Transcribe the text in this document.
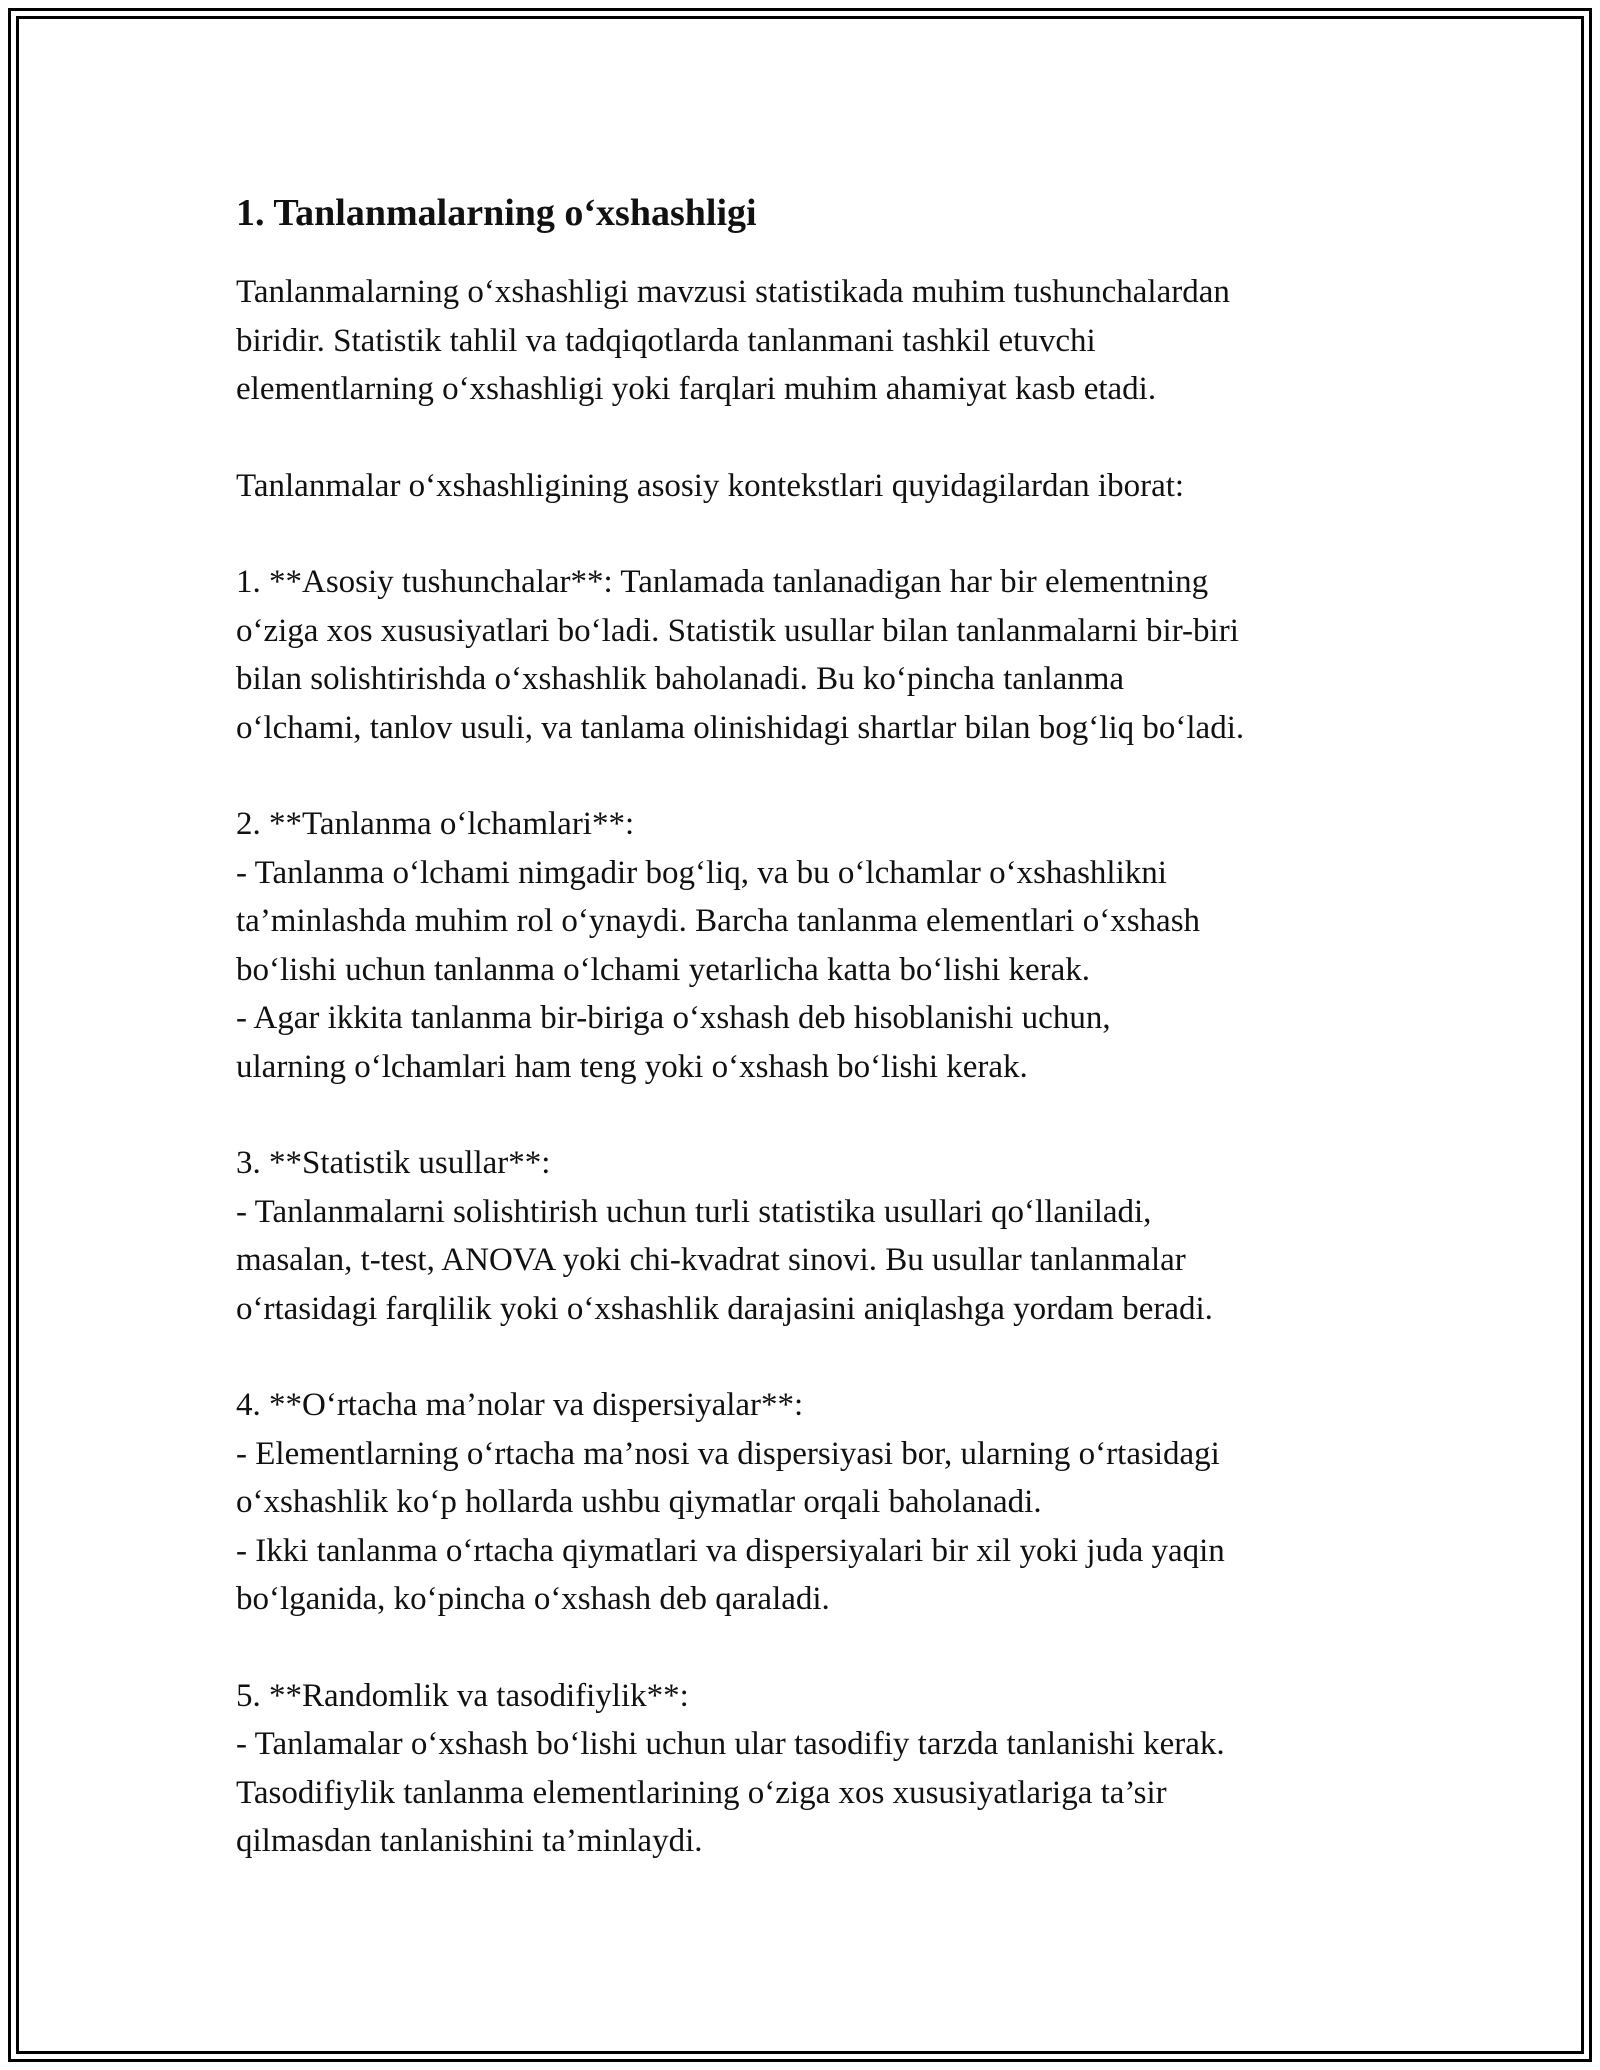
1. Tanlanmalarning o‘xshashligi

Tanlanmalarning o‘xshashligi mavzusi statistikada muhim tushunchalardan
biridir. Statistik tahlil va tadqiqotlarda tanlanmani tashkil etuvchi
elementlarning o‘xshashligi yoki farqlari muhim ahamiyat kasb etadi.

Tanlanmalar o‘xshashligining asosiy kontekstlari quyidagilardan iborat:

1. **Asosiy tushunchalar**: Tanlamada tanlanadigan har bir elementning
o‘ziga xos xususiyatlari bo‘ladi. Statistik usullar bilan tanlanmalarni bir-biri
bilan solishtirishda o‘xshashlik baholanadi. Bu ko‘pincha tanlanma
o‘lchami, tanlov usuli, va tanlama olinishidagi shartlar bilan bog‘liq bo‘ladi.

2. **Tanlanma o‘lchamlari**:
- Tanlanma o‘lchami nimgadir bog‘liq, va bu o‘lchamlar o‘xshashlikni
ta’minlashda muhim rol o‘ynaydi. Barcha tanlanma elementlari o‘xshash
bo‘lishi uchun tanlanma o‘lchami yetarlicha katta bo‘lishi kerak.
- Agar ikkita tanlanma bir-biriga o‘xshash deb hisoblanishi uchun,
ularning o‘lchamlari ham teng yoki o‘xshash bo‘lishi kerak.

3. **Statistik usullar**:
- Tanlanmalarni solishtirish uchun turli statistika usullari qo‘llaniladi,
masalan, t-test, ANOVA yoki chi-kvadrat sinovi. Bu usullar tanlanmalar
o‘rtasidagi farqlilik yoki o‘xshashlik darajasini aniqlashga yordam beradi.

4. **O‘rtacha ma’nolar va dispersiyalar**:
- Elementlarning o‘rtacha ma’nosi va dispersiyasi bor, ularning o‘rtasidagi
o‘xshashlik ko‘p hollarda ushbu qiymatlar orqali baholanadi.
- Ikki tanlanma o‘rtacha qiymatlari va dispersiyalari bir xil yoki juda yaqin
bo‘lganida, ko‘pincha o‘xshash deb qaraladi.

5. **Randomlik va tasodifiylik**:
- Tanlamalar o‘xshash bo‘lishi uchun ular tasodifiy tarzda tanlanishi kerak.
Tasodifiylik tanlanma elementlarining o‘ziga xos xususiyatlariga ta’sir
qilmasdan tanlanishini ta’minlaydi.
